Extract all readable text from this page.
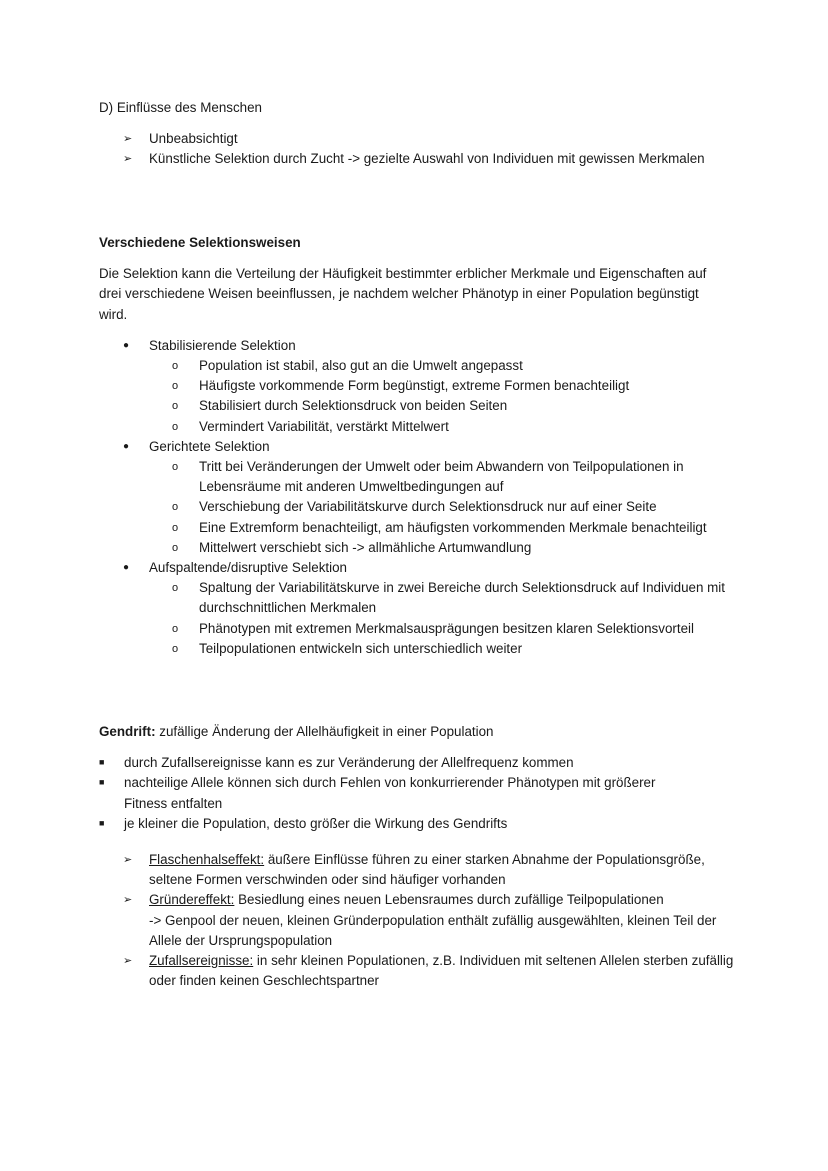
D) Einflüsse des Menschen

➢ Unbeabsichtigt
➢ Künstliche Selektion durch Zucht -> gezielte Auswahl von Individuen mit gewissen Merkmalen

Verschiedene Selektionsweisen

Die Selektion kann die Verteilung der Häufigkeit bestimmter erblicher Merkmale und Eigenschaften auf drei verschiedene Weisen beeinflussen, je nachdem welcher Phänotyp in einer Population begünstigt wird.

● Stabilisierende Selektion
o Population ist stabil, also gut an die Umwelt angepasst
o Häufigste vorkommende Form begünstigt, extreme Formen benachteiligt
o Stabilisiert durch Selektionsdruck von beiden Seiten
o Vermindert Variabilität, verstärkt Mittelwert
● Gerichtete Selektion
o Tritt bei Veränderungen der Umwelt oder beim Abwandern von Teilpopulationen in Lebensräume mit anderen Umweltbedingungen auf
o Verschiebung der Variabilitätskurve durch Selektionsdruck nur auf einer Seite
o Eine Extremform benachteiligt, am häufigsten vorkommenden Merkmale benachteiligt
o Mittelwert verschiebt sich -> allmähliche Artumwandlung
● Aufspaltende/disruptive Selektion
o Spaltung der Variabilitätskurve in zwei Bereiche durch Selektionsdruck auf Individuen mit durchschnittlichen Merkmalen
o Phänotypen mit extremen Merkmalsausprägungen besitzen klaren Selektionsvorteil
o Teilpopulationen entwickeln sich unterschiedlich weiter

Gendrift: zufällige Änderung der Allelhäufigkeit in einer Population

■ durch Zufallsereignisse kann es zur Veränderung der Allelfrequenz kommen
■ nachteilige Allele können sich durch Fehlen von konkurrierender Phänotypen mit größerer Fitness entfalten
■ je kleiner die Population, desto größer die Wirkung des Gendrifts
➢ Flaschenhalseffekt: äußere Einflüsse führen zu einer starken Abnahme der Populationsgröße, seltene Formen verschwinden oder sind häufiger vorhanden
➢ Gründereffekt: Besiedlung eines neuen Lebensraumes durch zufällige Teilpopulationen
-> Genpool der neuen, kleinen Gründerpopulation enthält zufällig ausgewählten, kleinen Teil der Allele der Ursprungspopulation
➢ Zufallsereignisse: in sehr kleinen Populationen, z.B. Individuen mit seltenen Allelen sterben zufällig oder finden keinen Geschlechtspartner
